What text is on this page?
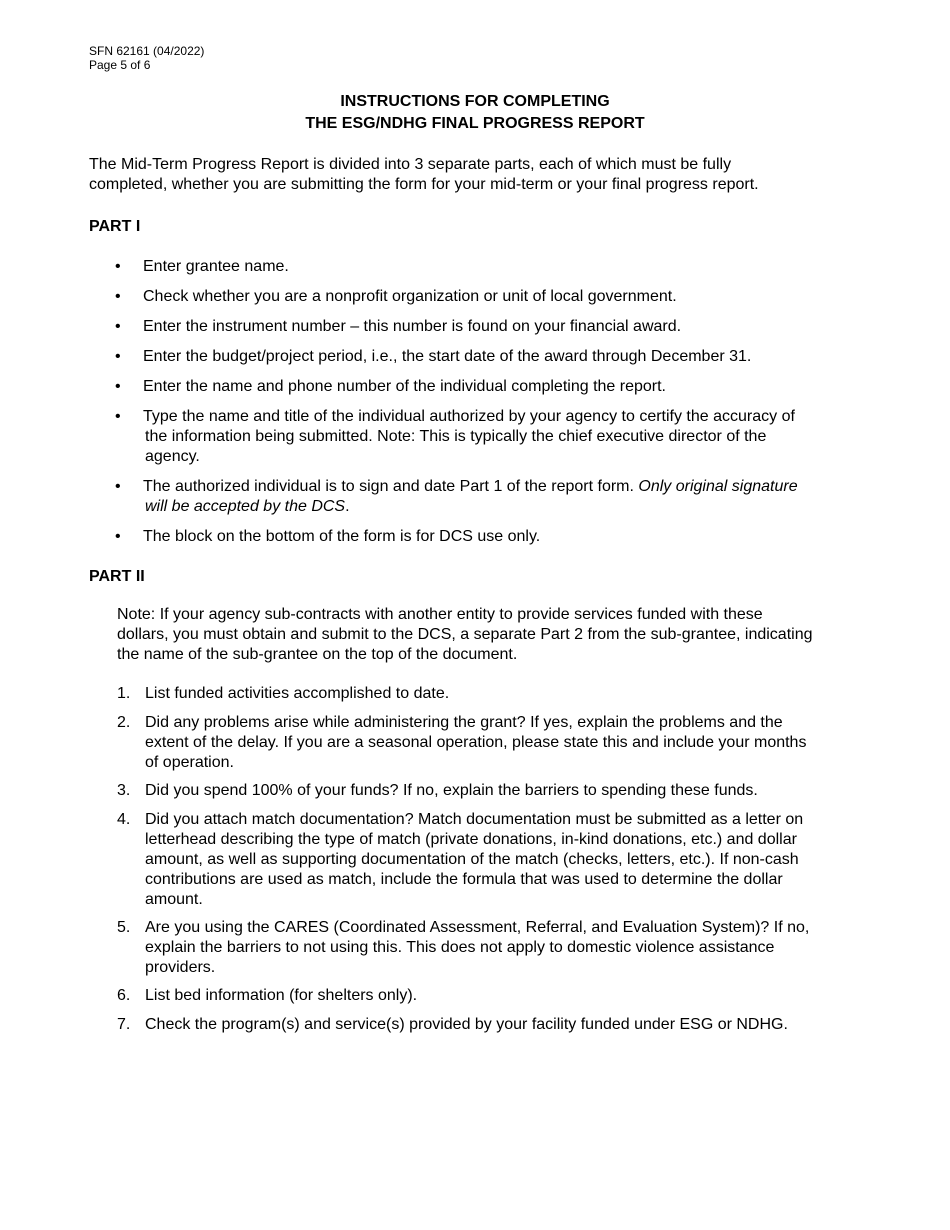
SFN 62161 (04/2022)
Page 5 of 6
INSTRUCTIONS FOR COMPLETING
THE ESG/NDHG FINAL PROGRESS REPORT
The Mid-Term Progress Report is divided into 3 separate parts, each of which must be fully
completed, whether you are submitting the form for your mid-term or your final progress report.
PART I
• Enter grantee name.
• Check whether you are a nonprofit organization or unit of local government.
• Enter the instrument number – this number is found on your financial award.
• Enter the budget/project period, i.e., the start date of the award through December 31.
• Enter the name and phone number of the individual completing the report.
• Type the name and title of the individual authorized by your agency to certify the accuracy of
the information being submitted. Note: This is typically the chief executive director of the
agency.
• The authorized individual is to sign and date Part 1 of the report form. Only original signature
will be accepted by the DCS.
• The block on the bottom of the form is for DCS use only.
PART II
Note: If your agency sub-contracts with another entity to provide services funded with these
dollars, you must obtain and submit to the DCS, a separate Part 2 from the sub-grantee, indicating
the name of the sub-grantee on the top of the document.
1. List funded activities accomplished to date.
2. Did any problems arise while administering the grant? If yes, explain the problems and the
extent of the delay. If you are a seasonal operation, please state this and include your months
of operation.
3. Did you spend 100% of your funds? If no, explain the barriers to spending these funds.
4. Did you attach match documentation? Match documentation must be submitted as a letter on
letterhead describing the type of match (private donations, in-kind donations, etc.) and dollar
amount, as well as supporting documentation of the match (checks, letters, etc.). If non-cash
contributions are used as match, include the formula that was used to determine the dollar
amount.
5. Are you using the CARES (Coordinated Assessment, Referral, and Evaluation System)? If no,
explain the barriers to not using this. This does not apply to domestic violence assistance
providers.
6. List bed information (for shelters only).
7. Check the program(s) and service(s) provided by your facility funded under ESG or NDHG.
